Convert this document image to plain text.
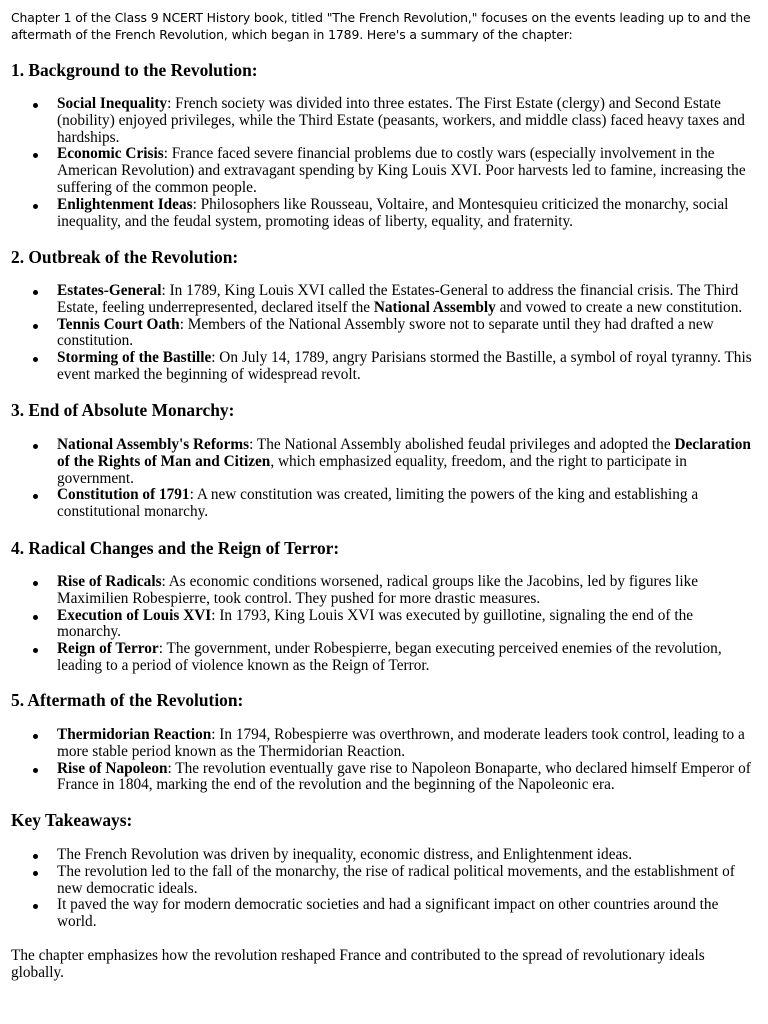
Chapter 1 of the Class 9 NCERT History book, titled "The French Revolution," focuses on the events leading up to and the aftermath of the French Revolution, which began in 1789. Here's a summary of the chapter:

1. Background to the Revolution:
Social Inequality: French society was divided into three estates. The First Estate (clergy) and Second Estate (nobility) enjoyed privileges, while the Third Estate (peasants, workers, and middle class) faced heavy taxes and hardships.
Economic Crisis: France faced severe financial problems due to costly wars (especially involvement in the American Revolution) and extravagant spending by King Louis XVI. Poor harvests led to famine, increasing the suffering of the common people.
Enlightenment Ideas: Philosophers like Rousseau, Voltaire, and Montesquieu criticized the monarchy, social inequality, and the feudal system, promoting ideas of liberty, equality, and fraternity.
2. Outbreak of the Revolution:
Estates-General: In 1789, King Louis XVI called the Estates-General to address the financial crisis. The Third Estate, feeling underrepresented, declared itself the National Assembly and vowed to create a new constitution.
Tennis Court Oath: Members of the National Assembly swore not to separate until they had drafted a new constitution.
Storming of the Bastille: On July 14, 1789, angry Parisians stormed the Bastille, a symbol of royal tyranny. This event marked the beginning of widespread revolt.
3. End of Absolute Monarchy:
National Assembly's Reforms: The National Assembly abolished feudal privileges and adopted the Declaration of the Rights of Man and Citizen, which emphasized equality, freedom, and the right to participate in government.
Constitution of 1791: A new constitution was created, limiting the powers of the king and establishing a constitutional monarchy.
4. Radical Changes and the Reign of Terror:
Rise of Radicals: As economic conditions worsened, radical groups like the Jacobins, led by figures like Maximilien Robespierre, took control. They pushed for more drastic measures.
Execution of Louis XVI: In 1793, King Louis XVI was executed by guillotine, signaling the end of the monarchy.
Reign of Terror: The government, under Robespierre, began executing perceived enemies of the revolution, leading to a period of violence known as the Reign of Terror.
5. Aftermath of the Revolution:
Thermidorian Reaction: In 1794, Robespierre was overthrown, and moderate leaders took control, leading to a more stable period known as the Thermidorian Reaction.
Rise of Napoleon: The revolution eventually gave rise to Napoleon Bonaparte, who declared himself Emperor of France in 1804, marking the end of the revolution and the beginning of the Napoleonic era.
Key Takeaways:
The French Revolution was driven by inequality, economic distress, and Enlightenment ideas.
The revolution led to the fall of the monarchy, the rise of radical political movements, and the establishment of new democratic ideals.
It paved the way for modern democratic societies and had a significant impact on other countries around the world.

The chapter emphasizes how the revolution reshaped France and contributed to the spread of revolutionary ideals globally.
